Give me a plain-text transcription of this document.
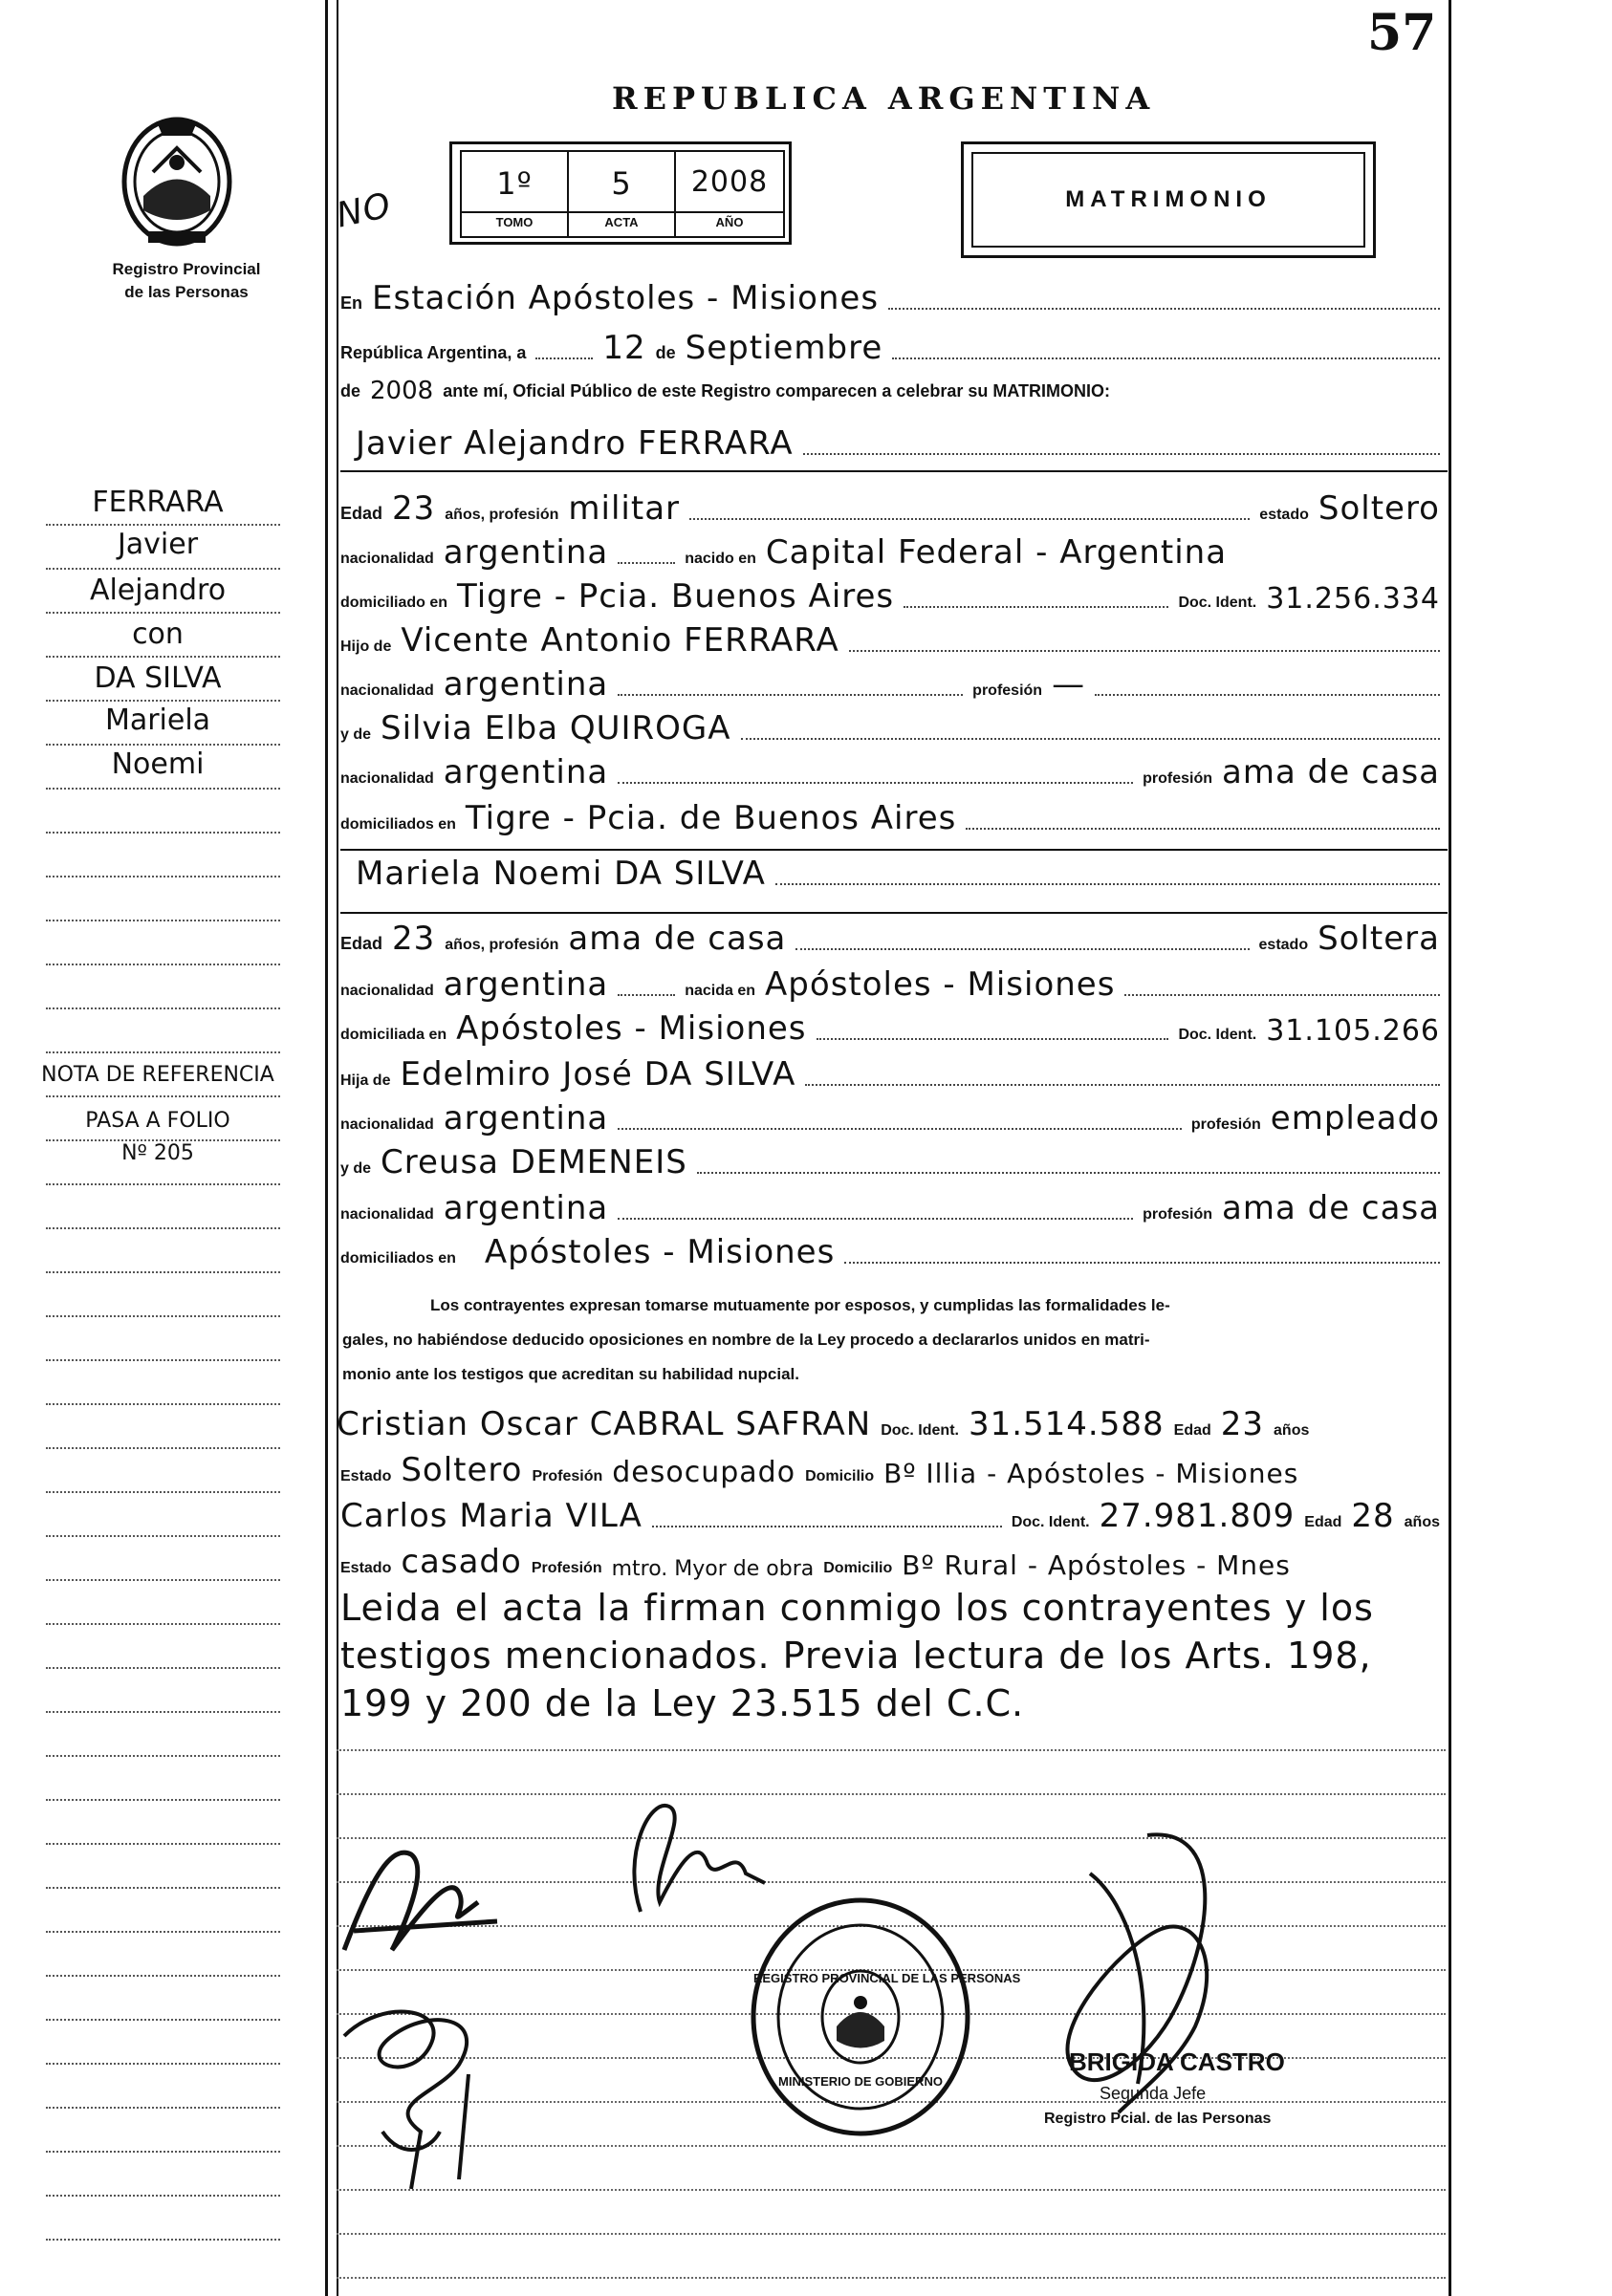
57
REPUBLICA ARGENTINA
Registro Provincial
de las Personas
1º	5	2008
TOMO	ACTA	AÑO
MATRIMONIO
NO
FERRARA
Javier
Alejandro
con
DA SILVA
Mariela
Noemi
NOTA DE REFERENCIA
PASA A FOLIO
Nº 205
En Estación Apóstoles - Misiones
República Argentina, a 12 de Septiembre
de 2008 ante mí, Oficial Público de este Registro comparecen a celebrar su MATRIMONIO:
Javier Alejandro FERRARA
Edad 23 años, profesión militar	estado Soltero
nacionalidad argentina	nacido en Capital Federal - Argentina
domiciliado en Tigre - Pcia. Buenos Aires	Doc. Ident. 31.256.334
Hijo de Vicente Antonio FERRARA
nacionalidad argentina	profesión —
y de Silvia Elba QUIROGA
nacionalidad argentina	profesión ama de casa
domiciliados en Tigre - Pcia. de Buenos Aires
Mariela Noemi DA SILVA
Edad 23 años, profesión ama de casa	estado Soltera
nacionalidad argentina	nacida en Apóstoles - Misiones
domiciliada en Apóstoles - Misiones	Doc. Ident. 31.105.266
Hija de Edelmiro José DA SILVA
nacionalidad argentina	profesión empleado
y de Creusa DEMENEIS
nacionalidad argentina	profesión ama de casa
domiciliados en Apóstoles - Misiones
Los contrayentes expresan tomarse mutuamente por esposos, y cumplidas las formalidades le-
gales, no habiéndose deducido oposiciones en nombre de la Ley procedo a declararlos unidos en matri-
monio ante los testigos que acreditan su habilidad nupcial.
Cristian Oscar CABRAL SAFRAN Doc. Ident. 31.514.588 Edad 23 años
Estado Soltero Profesión desocupado Domicilio Bº Illia - Apóstoles - Misiones
Carlos Maria VILA	Doc. Ident. 27.981.809 Edad 28 años
Estado casado Profesión mtro. Myor de obra Domicilio Bº Rural - Apóstoles - Mnes
Leida el acta la firman conmigo los contrayentes y los
testigos mencionados. Previa lectura de los Arts. 198,
199 y 200 de la Ley 23.515 del C.C.
REGISTRO PROVINCIAL DE LAS PERSONAS
MINISTERIO DE GOBIERNO
BRIGIDA CASTRO
Segunda Jefe
Registro Pcial. de las Personas
